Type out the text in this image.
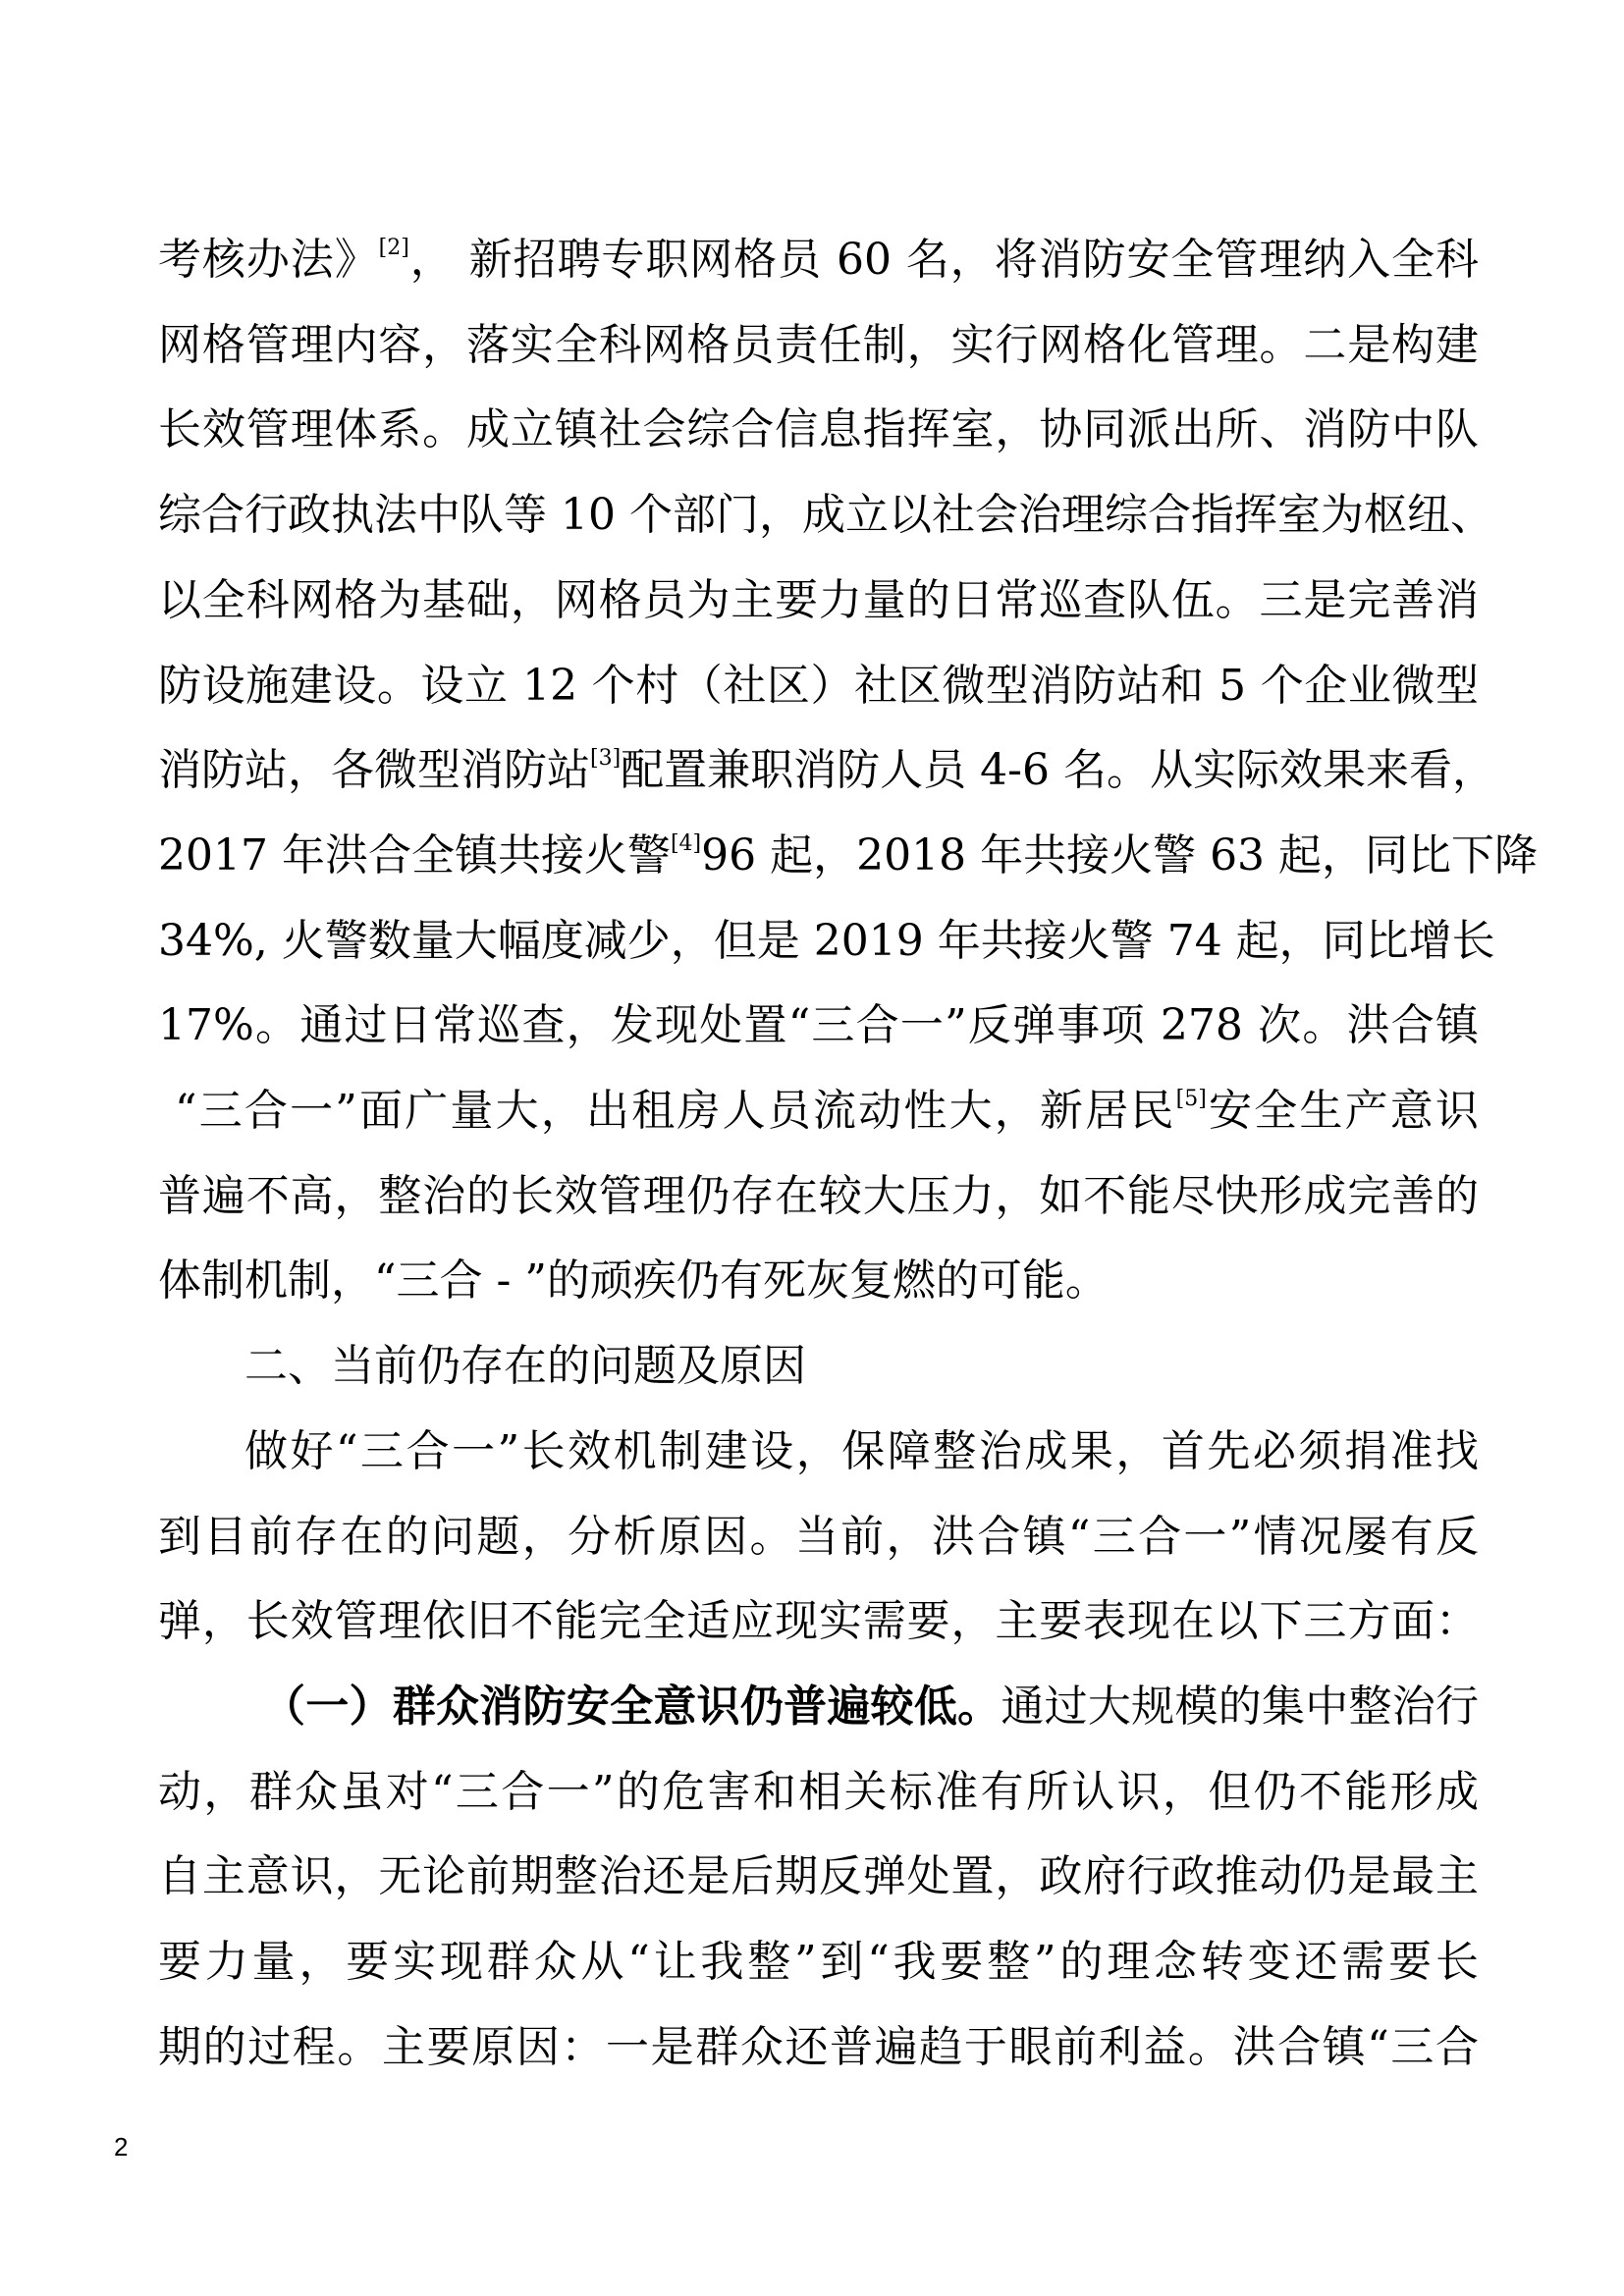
考核办法》[2]， 新招聘专职网格员 60 名，将消防安全管理纳入全科
网格管理内容，落实全科网格员责任制，实行网格化管理。二是构建
长效管理体系。成立镇社会综合信息指挥室，协同派出所、消防中队
综合行政执法中队等 10 个部门，成立以社会治理综合指挥室为枢纽、
以全科网格为基础，网格员为主要力量的日常巡查队伍。三是完善消
防设施建设。设立 12 个村（社区）社区微型消防站和 5 个企业微型
消防站，各微型消防站[3]配置兼职消防人员 4-6 名。从实际效果来看，
2017 年洪合全镇共接火警[4]96 起，2018 年共接火警 63 起，同比下降
34%, 火警数量大幅度减少，但是 2019 年共接火警 74 起，同比增长
17%。通过日常巡查，发现处置“三合一”反弹事项 278 次。洪合镇
“三合一”面广量大，出租房人员流动性大，新居民[5]安全生产意识
普遍不高，整治的长效管理仍存在较大压力，如不能尽快形成完善的
体制机制，“三合 - ”的顽疾仍有死灰复燃的可能。
二、当前仍存在的问题及原因
做好“三合一”长效机制建设，保障整治成果，首先必须捐准找
到目前存在的问题，分析原因。当前，洪合镇“三合一”情况屡有反
弹，长效管理依旧不能完全适应现实需要，主要表现在以下三方面：
（一）群众消防安全意识仍普遍较低。通过大规模的集中整治行
动，群众虽对“三合一”的危害和相关标准有所认识，但仍不能形成
自主意识，无论前期整治还是后期反弹处置，政府行政推动仍是最主
要力量，要实现群众从“让我整”到“我要整”的理念转变还需要长
期的过程。主要原因：一是群众还普遍趋于眼前利益。洪合镇“三合
2
